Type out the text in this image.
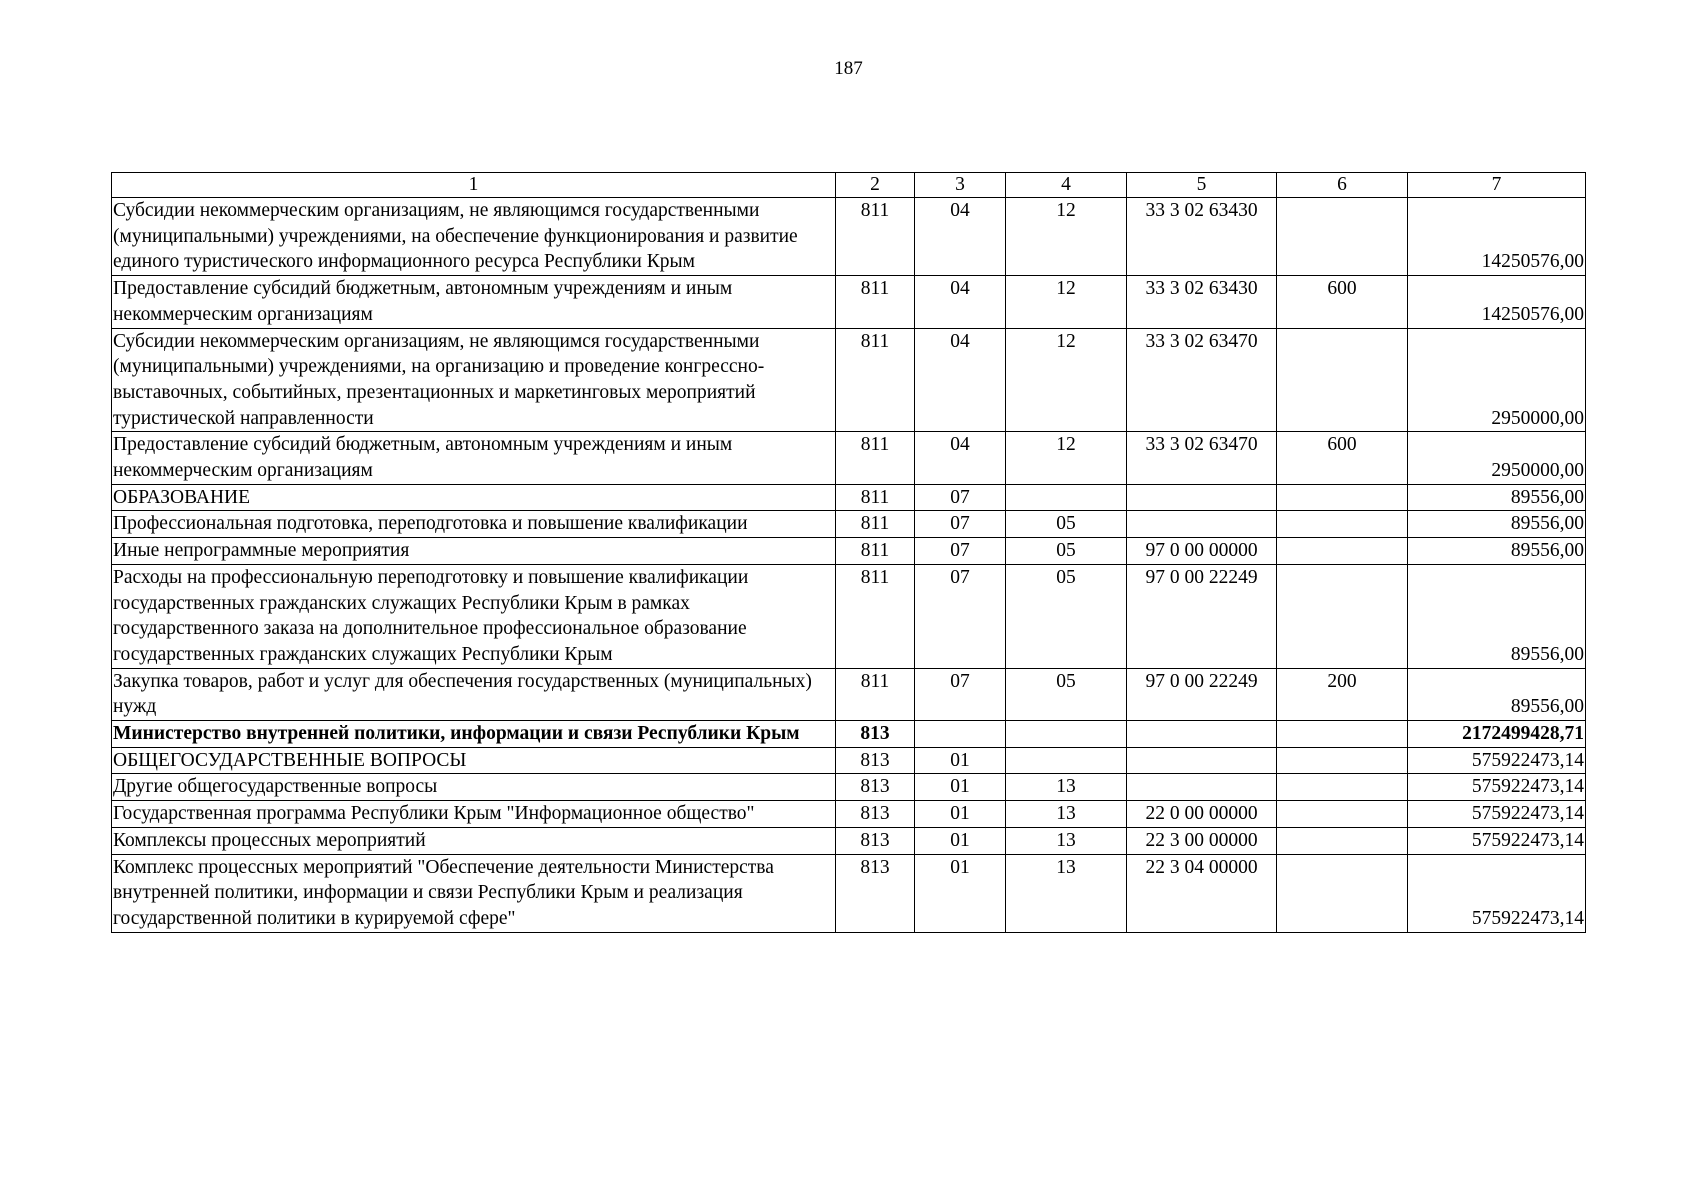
187
1	2	3	4	5	6	7
Субсидии некоммерческим организациям, не являющимся государственными (муниципальными) учреждениями, на обеспечение функционирования и развитие единого туристического информационного ресурса Республики Крым	811	04	12	33 3 02 63430		14250576,00
Предоставление субсидий бюджетным, автономным учреждениям и иным некоммерческим организациям	811	04	12	33 3 02 63430	600	14250576,00
Субсидии некоммерческим организациям, не являющимся государственными (муниципальными) учреждениями, на организацию и проведение конгрессно-выставочных, событийных, презентационных и маркетинговых мероприятий туристической направленности	811	04	12	33 3 02 63470		2950000,00
Предоставление субсидий бюджетным, автономным учреждениям и иным некоммерческим организациям	811	04	12	33 3 02 63470	600	2950000,00
ОБРАЗОВАНИЕ	811	07				89556,00
Профессиональная подготовка, переподготовка и повышение квалификации	811	07	05			89556,00
Иные непрограммные мероприятия	811	07	05	97 0 00 00000		89556,00
Расходы на профессиональную переподготовку и повышение квалификации государственных гражданских служащих Республики Крым в рамках государственного заказа на дополнительное профессиональное образование государственных гражданских служащих Республики Крым	811	07	05	97 0 00 22249		89556,00
Закупка товаров, работ и услуг для обеспечения государственных (муниципальных) нужд	811	07	05	97 0 00 22249	200	89556,00
Министерство внутренней политики, информации и связи Республики Крым	813					2172499428,71
ОБЩЕГОСУДАРСТВЕННЫЕ ВОПРОСЫ	813	01				575922473,14
Другие общегосударственные вопросы	813	01	13			575922473,14
Государственная программа Республики Крым "Информационное общество"	813	01	13	22 0 00 00000		575922473,14
Комплексы процессных мероприятий	813	01	13	22 3 00 00000		575922473,14
Комплекс процессных мероприятий "Обеспечение деятельности Министерства внутренней политики, информации и связи Республики Крым и реализация государственной политики в курируемой сфере"	813	01	13	22 3 04 00000		575922473,14
